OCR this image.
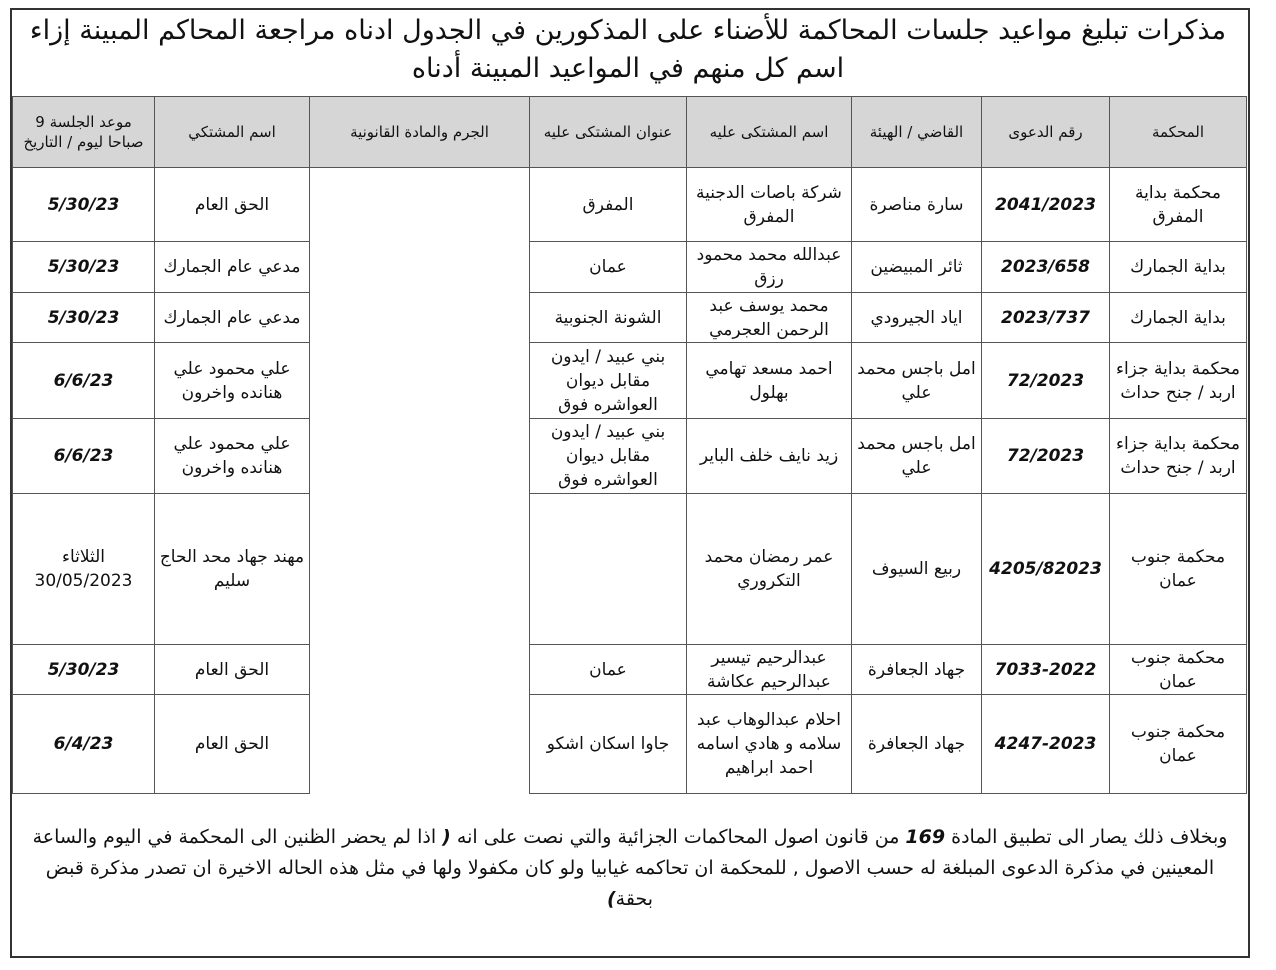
مذكرات تبليغ مواعيد جلسات المحاكمة للأضناء على المذكورين في الجدول ادناه مراجعة المحاكم المبينة إزاء اسم كل منهم في المواعيد المبينة أدناه
المحكمة	رقم الدعوى	القاضي / الهيئة	اسم المشتكى عليه	عنوان المشتكى عليه	الجرم والمادة القانونية	اسم المشتكي	موعد الجلسة 9 صباحا ليوم / التاريخ
محكمة بداية المفرق	2041/2023	سارة مناصرة	شركة باصات الدجنية المفرق	المفرق		الحق العام	5/30/23
بداية الجمارك	2023/658	ثائر المبيضين	عبدالله محمد محمود رزق	عمان		مدعي عام الجمارك	5/30/23
بداية الجمارك	2023/737	اياد الجيرودي	محمد يوسف عبد الرحمن العجرمي	الشونة الجنوبية		مدعي عام الجمارك	5/30/23
محكمة بداية جزاء اربد / جنح حداث	72/2023	امل باجس محمد علي	احمد مسعد تهامي بهلول	بني عبيد / ايدون مقابل ديوان العواشره فوق		علي محمود علي هنانده واخرون	6/6/23
محكمة بداية جزاء اربد / جنح حداث	72/2023	امل باجس محمد علي	زيد نايف خلف الباير	بني عبيد / ايدون مقابل ديوان العواشره فوق		علي محمود علي هنانده واخرون	6/6/23
محكمة جنوب عمان	4205/82023	ربيع السيوف	عمر رمضان محمد التكروري			مهند جهاد محد الحاج سليم	الثلاثاء 30/05/2023
محكمة جنوب عمان	7033-2022	جهاد الجعافرة	عبدالرحيم تيسير عبدالرحيم عكاشة	عمان		الحق العام	5/30/23
محكمة جنوب عمان	4247-2023	جهاد الجعافرة	احلام عبدالوهاب عبد سلامه و هادي اسامه احمد ابراهيم	جاوا اسكان اشكو		الحق العام	6/4/23
وبخلاف ذلك يصار الى تطبيق المادة 169 من قانون اصول المحاكمات الجزائية والتي نصت على انه ( اذا لم يحضر الظنين الى المحكمة في اليوم والساعة المعينين في مذكرة الدعوى المبلغة له حسب الاصول , للمحكمة ان تحاكمه غيابيا ولو كان مكفولا ولها في مثل هذه الحاله الاخيرة ان تصدر مذكرة قبض بحقة)
